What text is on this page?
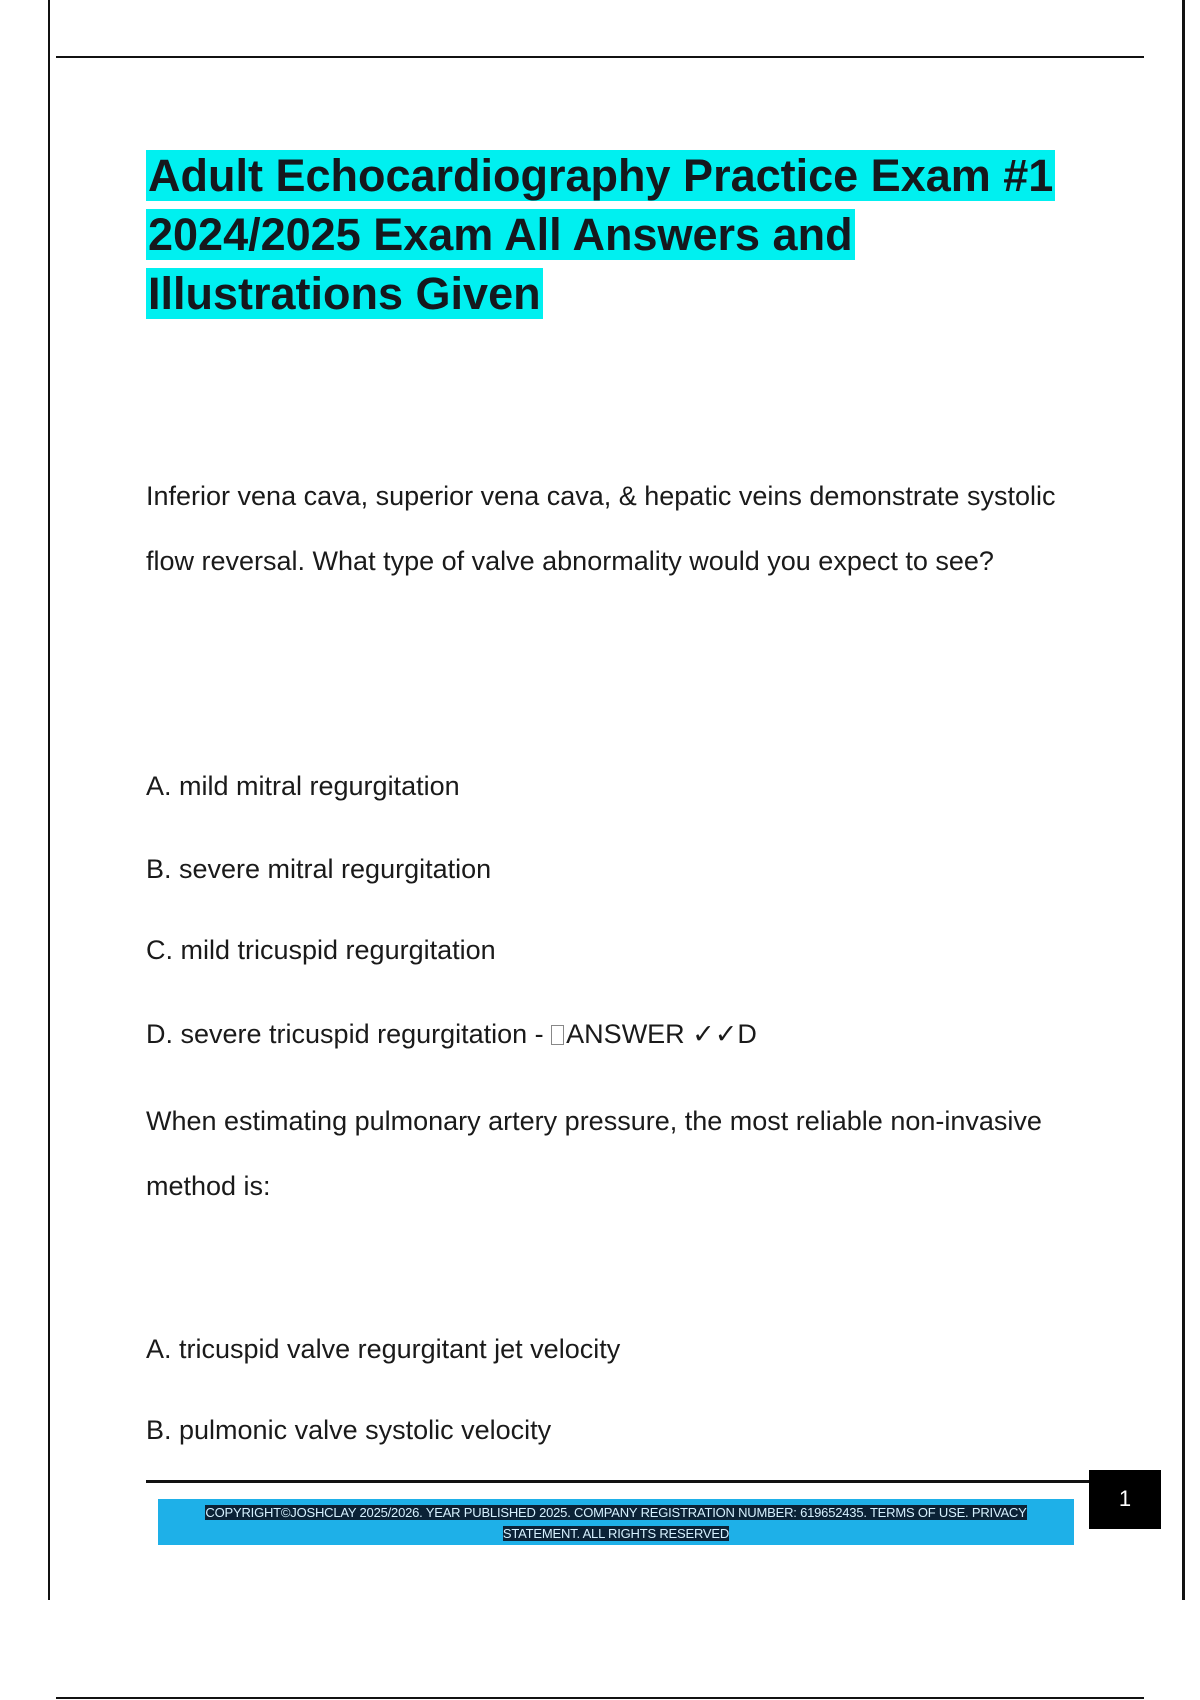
Adult Echocardiography Practice Exam #1 2024/2025 Exam All Answers and Illustrations Given

Inferior vena cava, superior vena cava, & hepatic veins demonstrate systolic flow reversal. What type of valve abnormality would you expect to see?

A. mild mitral regurgitation

B. severe mitral regurgitation

C. mild tricuspid regurgitation

D. severe tricuspid regurgitation - ANSWER ✓✓D

When estimating pulmonary artery pressure, the most reliable non-invasive method is:

A. tricuspid valve regurgitant jet velocity

B. pulmonic valve systolic velocity

1

COPYRIGHT©JOSHCLAY 2025/2026. YEAR PUBLISHED 2025. COMPANY REGISTRATION NUMBER: 619652435. TERMS OF USE. PRIVACY STATEMENT. ALL RIGHTS RESERVED
